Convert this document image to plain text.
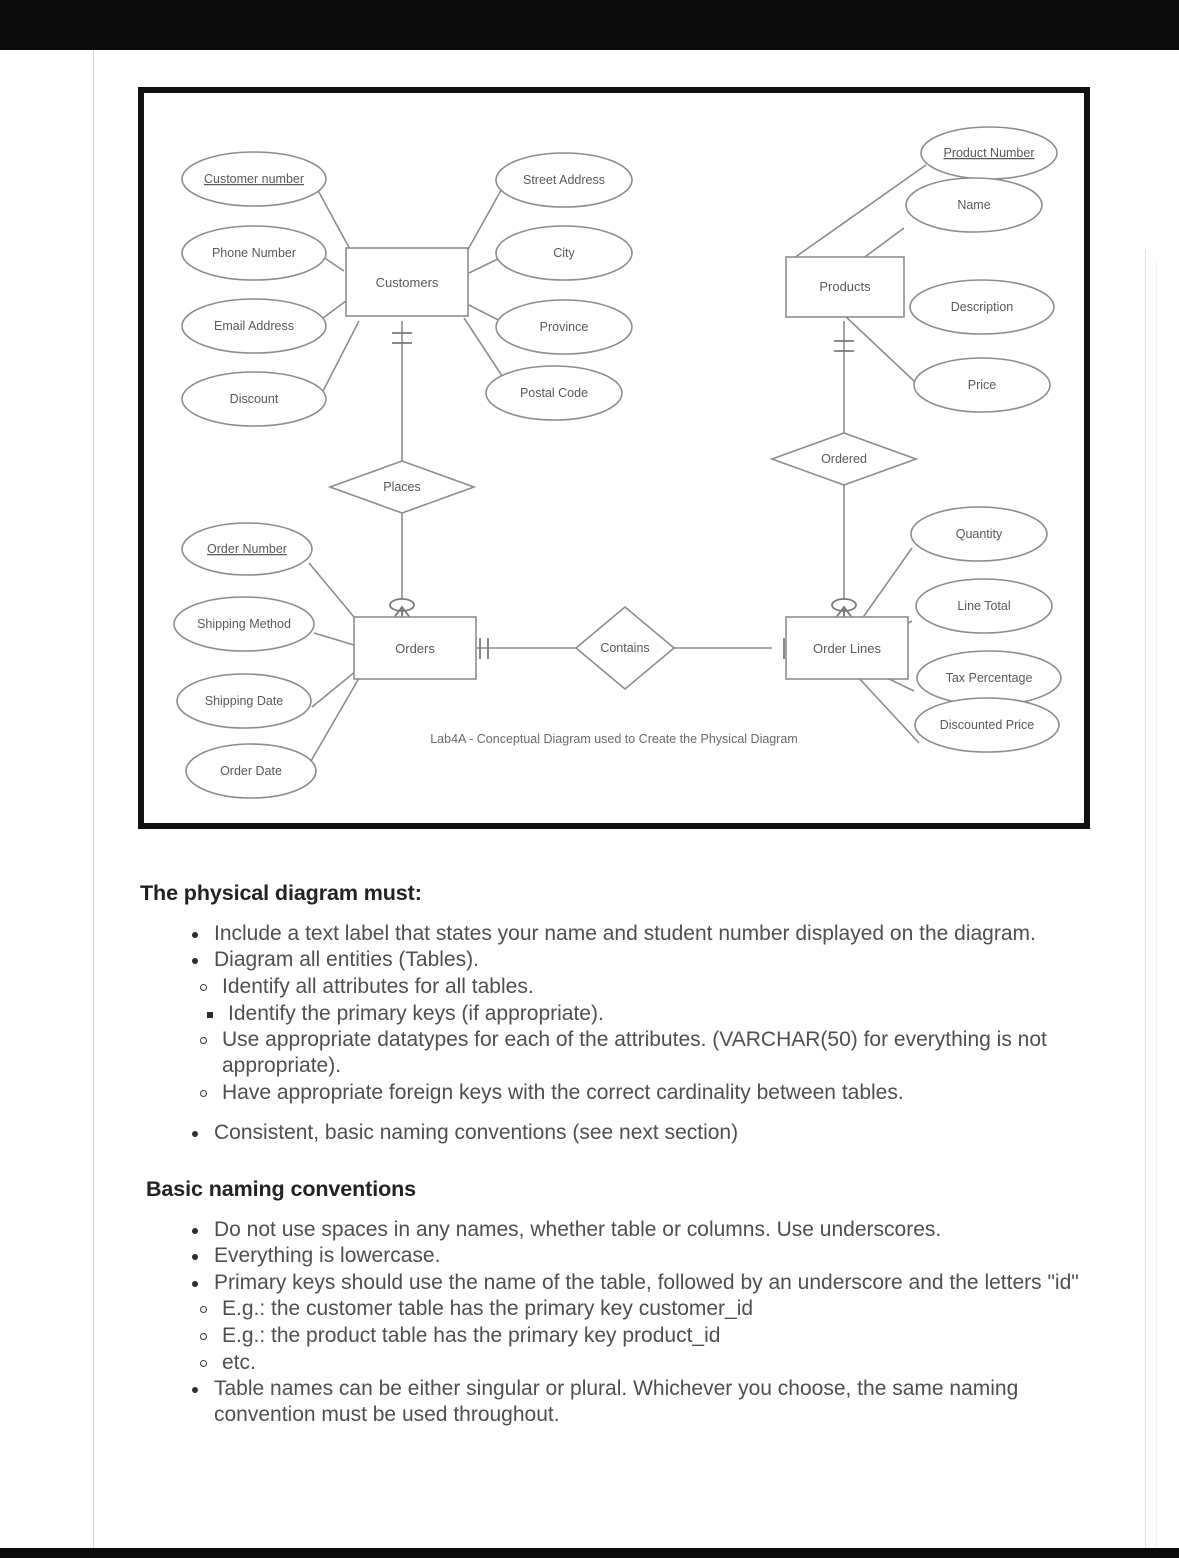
Customers	Products
Orders	Order Lines
Places
Ordered
Contains
Customer number
Phone Number
Email Address
Discount
Street Address
City
Province
Postal Code
Product Number
Name
Description
Price
Order Number
Shipping Method
Shipping Date
Order Date
Quantity
Line Total
Tax Percentage
Discounted Price
Lab4A - Conceptual Diagram used to Create the Physical Diagram
The physical diagram must:
Include a text label that states your name and student number displayed on the diagram.
Diagram all entities (Tables).
Identify all attributes for all tables.
Identify the primary keys (if appropriate).
Use appropriate datatypes for each of the attributes. (VARCHAR(50) for everything is not appropriate).
Have appropriate foreign keys with the correct cardinality between tables.
Consistent, basic naming conventions (see next section)
Basic naming conventions
Do not use spaces in any names, whether table or columns. Use underscores.
Everything is lowercase.
Primary keys should use the name of the table, followed by an underscore and the letters "id"
E.g.: the customer table has the primary key customer_id
E.g.: the product table has the primary key product_id
etc.
Table names can be either singular or plural. Whichever you choose, the same naming convention must be used throughout.
